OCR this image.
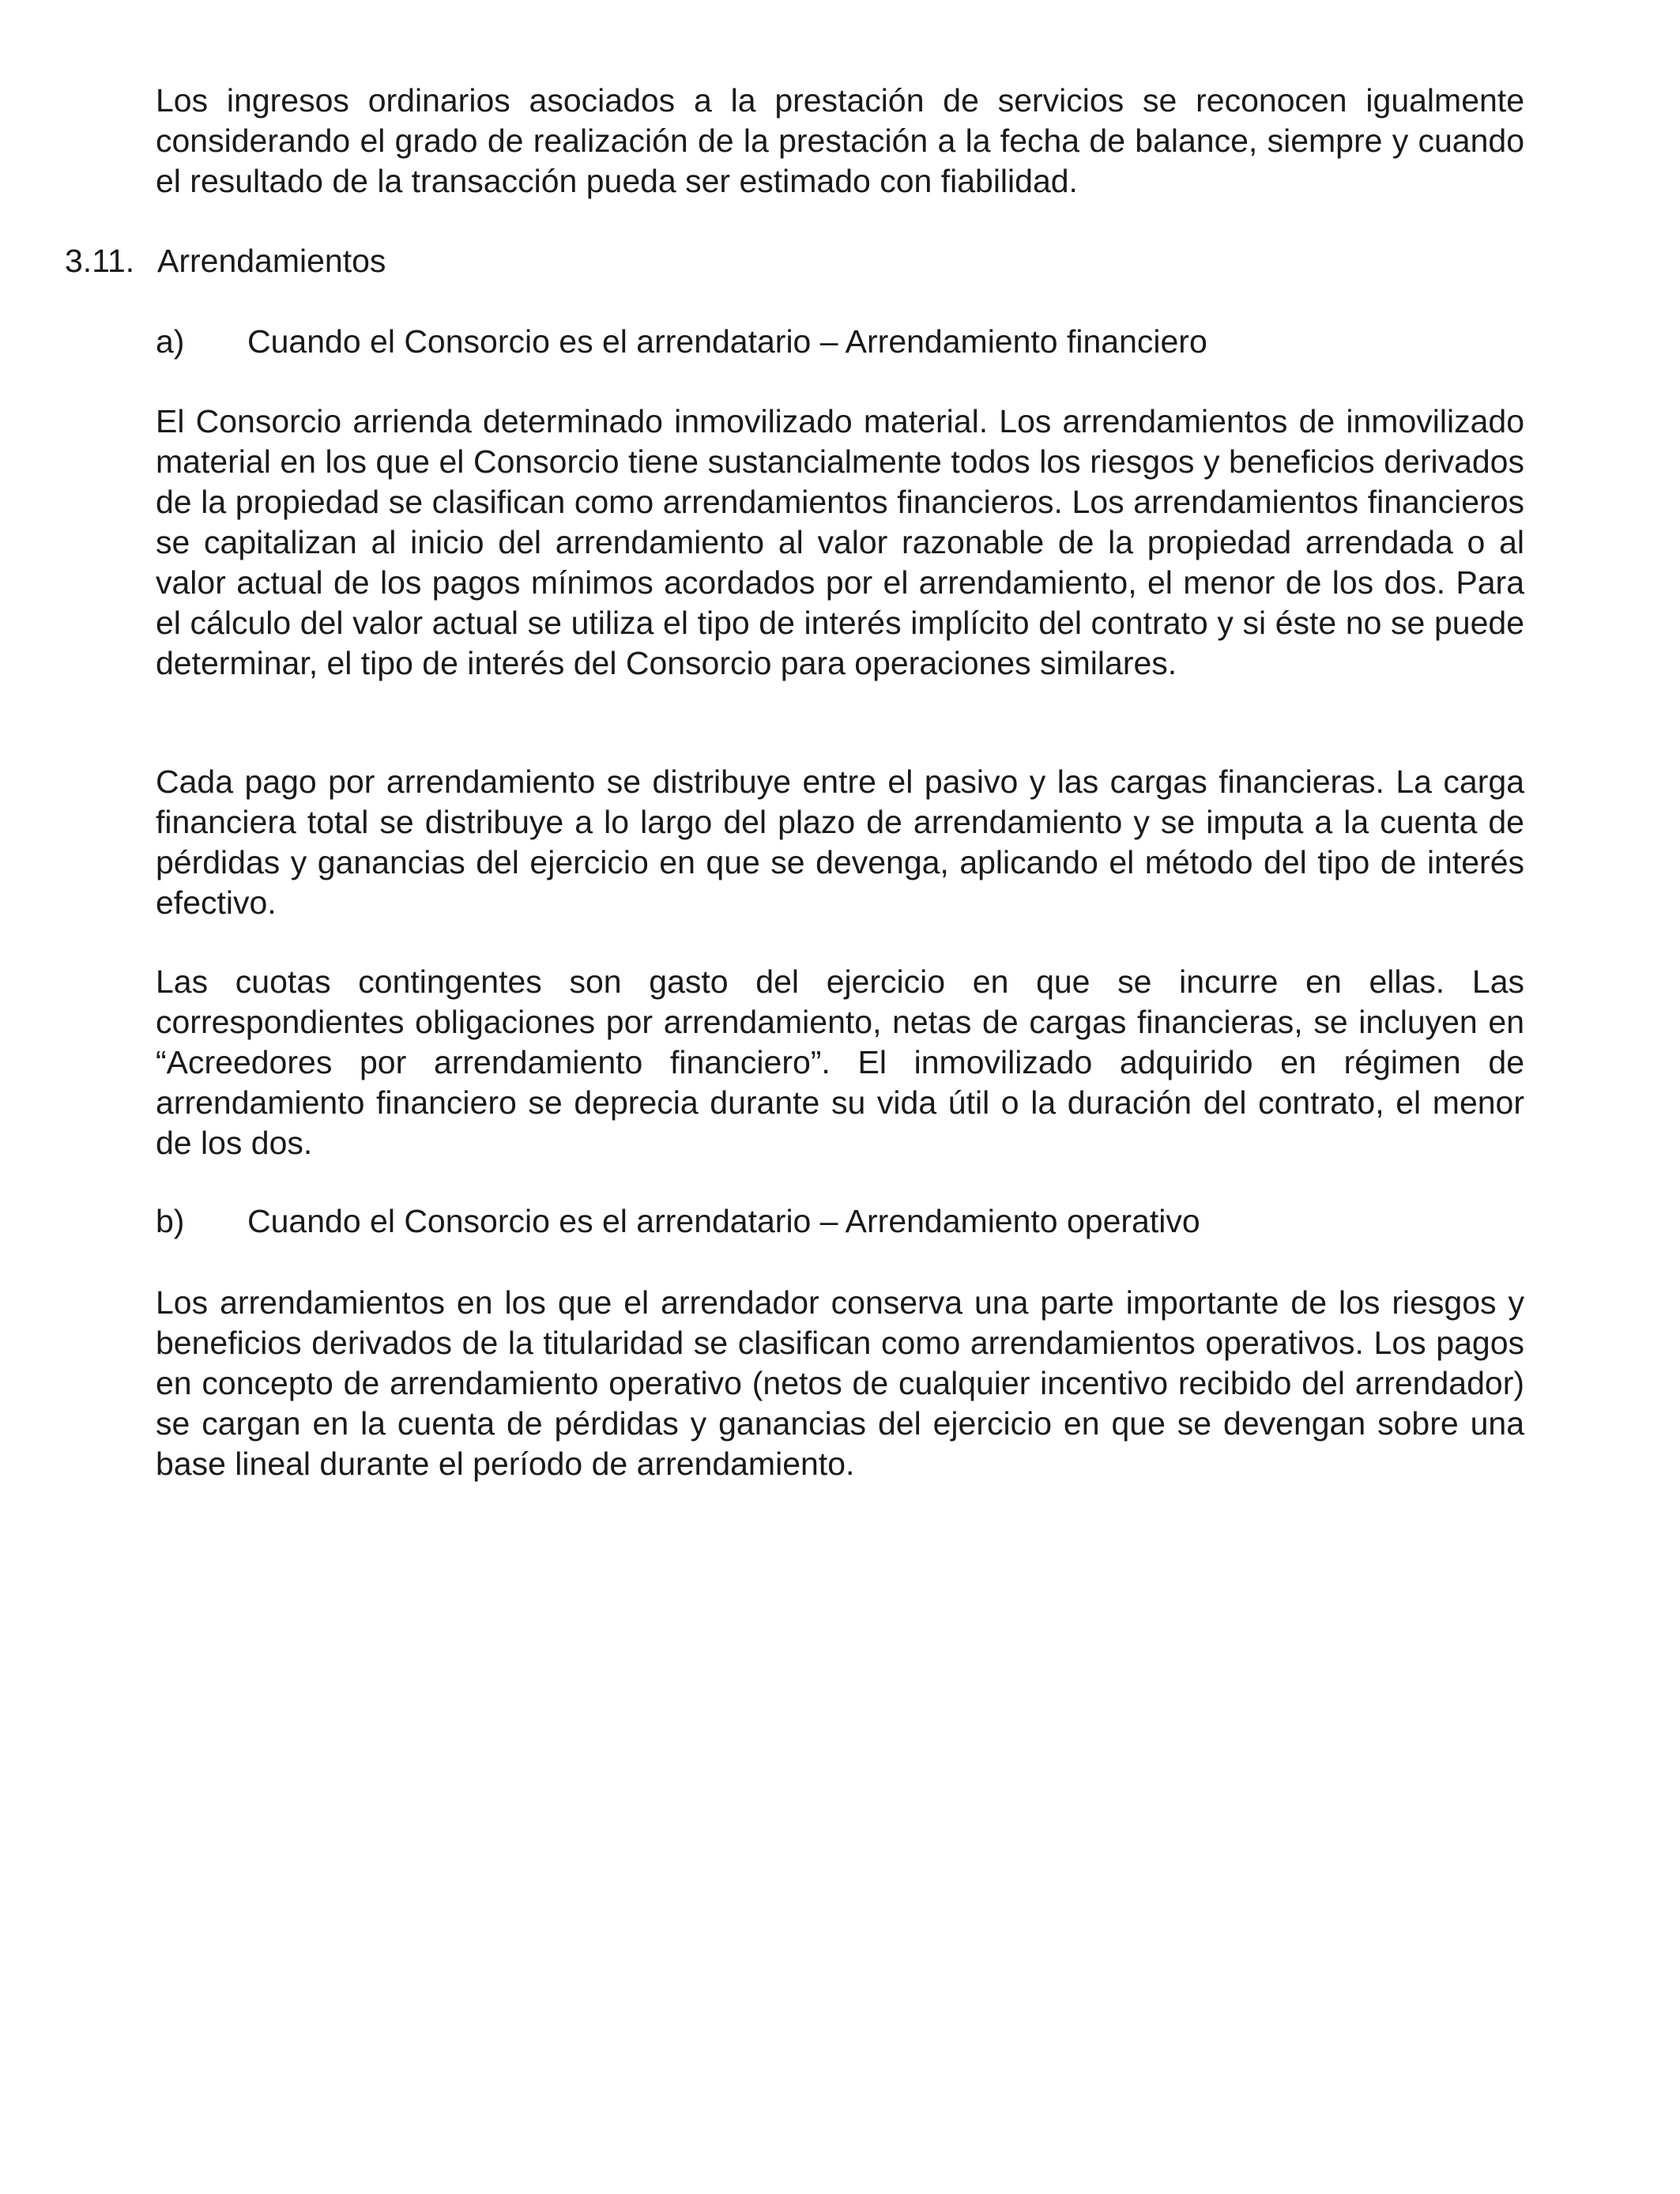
Los ingresos ordinarios asociados a la prestación de servicios se reconocen igualmente considerando el grado de realización de la prestación a la fecha de balance, siempre y cuando el resultado de la transacción pueda ser estimado con fiabilidad.

3.11. Arrendamientos
a) Cuando el Consorcio es el arrendatario – Arrendamiento financiero

El Consorcio arrienda determinado inmovilizado material. Los arrendamientos de inmovilizado material en los que el Consorcio tiene sustancialmente todos los riesgos y beneficios derivados de la propiedad se clasifican como arrendamientos financieros. Los arrendamientos financieros se capitalizan al inicio del arrendamiento al valor razonable de la propiedad arrendada o al valor actual de los pagos mínimos acordados por el arrendamiento, el menor de los dos. Para el cálculo del valor actual se utiliza el tipo de interés implícito del contrato y si éste no se puede determinar, el tipo de interés del Consorcio para operaciones similares.

Cada pago por arrendamiento se distribuye entre el pasivo y las cargas financieras. La carga financiera total se distribuye a lo largo del plazo de arrendamiento y se imputa a la cuenta de pérdidas y ganancias del ejercicio en que se devenga, aplicando el método del tipo de interés efectivo.

Las cuotas contingentes son gasto del ejercicio en que se incurre en ellas. Las correspondientes obligaciones por arrendamiento, netas de cargas financieras, se incluyen en “Acreedores por arrendamiento financiero”. El inmovilizado adquirido en régimen de arrendamiento financiero se deprecia durante su vida útil o la duración del contrato, el menor de los dos.

b) Cuando el Consorcio es el arrendatario – Arrendamiento operativo

Los arrendamientos en los que el arrendador conserva una parte importante de los riesgos y beneficios derivados de la titularidad se clasifican como arrendamientos operativos. Los pagos en concepto de arrendamiento operativo (netos de cualquier incentivo recibido del arrendador) se cargan en la cuenta de pérdidas y ganancias del ejercicio en que se devengan sobre una base lineal durante el período de arrendamiento.
